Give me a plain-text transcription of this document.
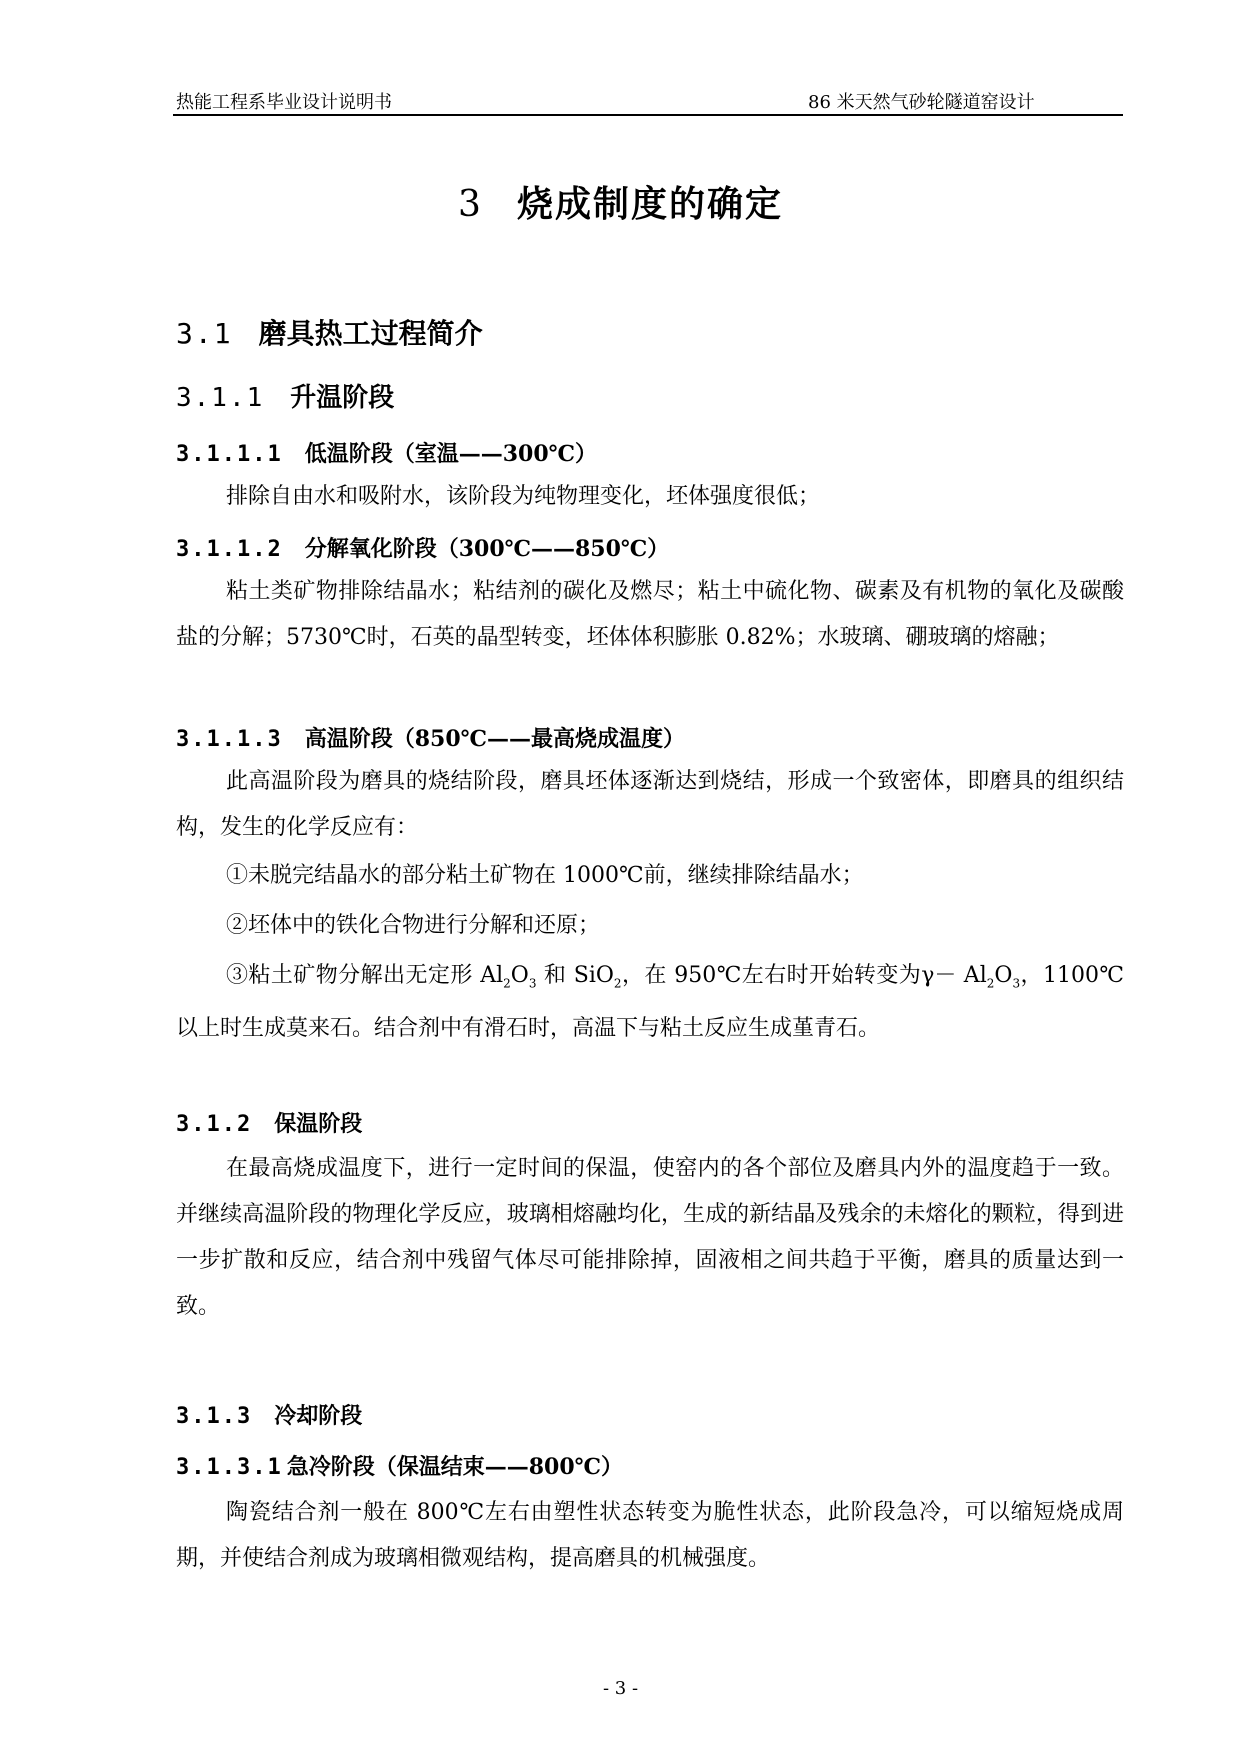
热能工程系毕业设计说明书	86 米天然气砂轮隧道窑设计
3 烧成制度的确定
3.1 磨具热工过程简介
3.1.1 升温阶段
3.1.1.1 低温阶段（室温——300℃）
排除自由水和吸附水，该阶段为纯物理变化，坯体强度很低；
3.1.1.2 分解氧化阶段（300℃——850℃）
粘土类矿物排除结晶水；粘结剂的碳化及燃尽；粘土中硫化物、碳素及有机物的氧化及碳酸盐的分解；5730℃时，石英的晶型转变，坯体体积膨胀 0.82%；水玻璃、硼玻璃的熔融；
3.1.1.3 高温阶段（850℃——最高烧成温度）
此高温阶段为磨具的烧结阶段，磨具坯体逐渐达到烧结，形成一个致密体，即磨具的组织结构，发生的化学反应有：
①未脱完结晶水的部分粘土矿物在 1000℃前，继续排除结晶水；
②坯体中的铁化合物进行分解和还原；
③粘土矿物分解出无定形 $Al_2O_3$ 和 SiO$_2$，在 950℃左右时开始转变为$\gamma- Al_2O_3$，1100℃以上时生成莫来石。结合剂中有滑石时，高温下与粘土反应生成堇青石。
3.1.2 保温阶段
在最高烧成温度下，进行一定时间的保温，使窑内的各个部位及磨具内外的温度趋于一致。并继续高温阶段的物理化学反应，玻璃相熔融均化，生成的新结晶及残余的未熔化的颗粒，得到进一步扩散和反应，结合剂中残留气体尽可能排除掉，固液相之间共趋于平衡，磨具的质量达到一致。
3.1.3 冷却阶段
3.1.3.1 急冷阶段（保温结束——800℃）
陶瓷结合剂一般在 800℃左右由塑性状态转变为脆性状态，此阶段急冷，可以缩短烧成周期，并使结合剂成为玻璃相微观结构，提高磨具的机械强度。
- 3 -
